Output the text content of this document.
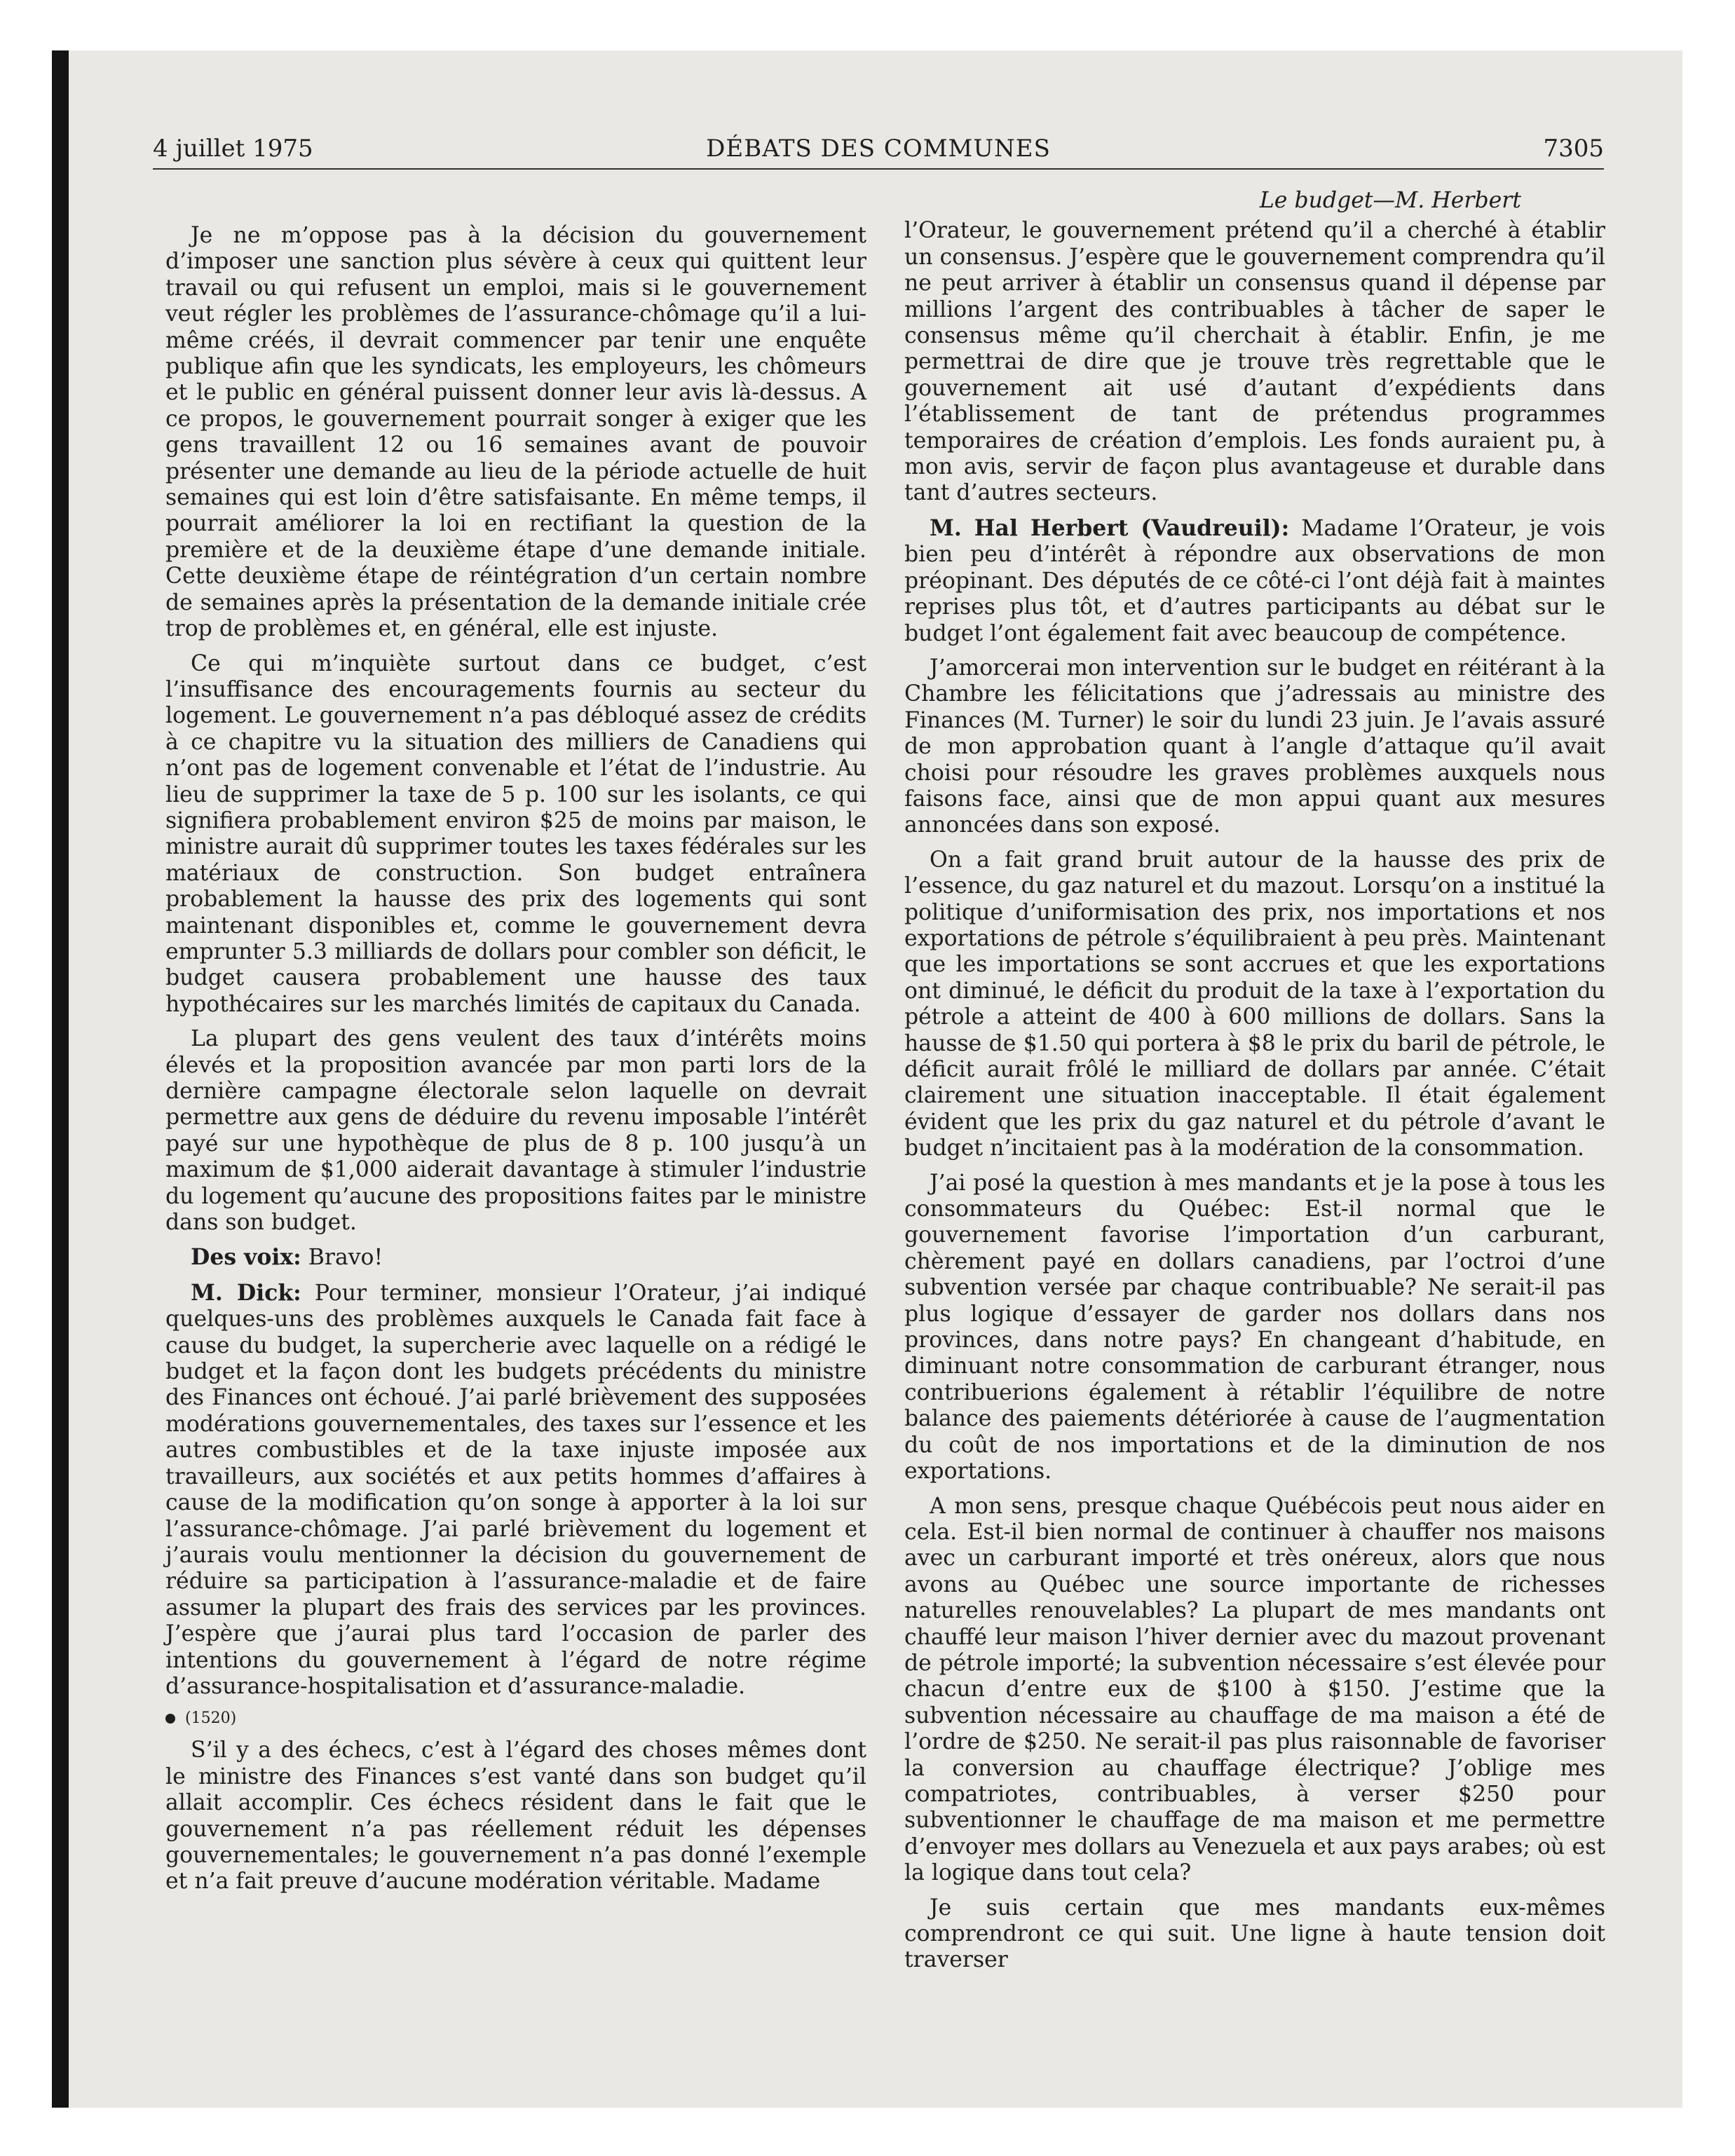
4 juillet 1975	DÉBATS DES COMMUNES	7305

Je ne m’oppose pas à la décision du gouvernement d’imposer une sanction plus sévère à ceux qui quittent leur travail ou qui refusent un emploi, mais si le gouvernement veut régler les problèmes de l’assurance-chômage qu’il a lui-même créés, il devrait commencer par tenir une enquête publique afin que les syndicats, les employeurs, les chômeurs et le public en général puissent donner leur avis là-dessus. A ce propos, le gouvernement pourrait songer à exiger que les gens travaillent 12 ou 16 semaines avant de pouvoir présenter une demande au lieu de la période actuelle de huit semaines qui est loin d’être satisfaisante. En même temps, il pourrait améliorer la loi en rectifiant la question de la première et de la deuxième étape d’une demande initiale. Cette deuxième étape de réintégration d’un certain nombre de semaines après la présentation de la demande initiale crée trop de problèmes et, en général, elle est injuste.

Ce qui m’inquiète surtout dans ce budget, c’est l’insuffisance des encouragements fournis au secteur du logement. Le gouvernement n’a pas débloqué assez de crédits à ce chapitre vu la situation des milliers de Canadiens qui n’ont pas de logement convenable et l’état de l’industrie. Au lieu de supprimer la taxe de 5 p. 100 sur les isolants, ce qui signifiera probablement environ $25 de moins par maison, le ministre aurait dû supprimer toutes les taxes fédérales sur les matériaux de construction. Son budget entraînera probablement la hausse des prix des logements qui sont maintenant disponibles et, comme le gouvernement devra emprunter 5.3 milliards de dollars pour combler son déficit, le budget causera probablement une hausse des taux hypothécaires sur les marchés limités de capitaux du Canada.

La plupart des gens veulent des taux d’intérêts moins élevés et la proposition avancée par mon parti lors de la dernière campagne électorale selon laquelle on devrait permettre aux gens de déduire du revenu imposable l’intérêt payé sur une hypothèque de plus de 8 p. 100 jusqu’à un maximum de $1,000 aiderait davantage à stimuler l’industrie du logement qu’aucune des propositions faites par le ministre dans son budget.

Des voix: Bravo!

M. Dick: Pour terminer, monsieur l’Orateur, j’ai indiqué quelques-uns des problèmes auxquels le Canada fait face à cause du budget, la supercherie avec laquelle on a rédigé le budget et la façon dont les budgets précédents du ministre des Finances ont échoué. J’ai parlé brièvement des supposées modérations gouvernementales, des taxes sur l’essence et les autres combustibles et de la taxe injuste imposée aux travailleurs, aux sociétés et aux petits hommes d’affaires à cause de la modification qu’on songe à apporter à la loi sur l’assurance-chômage. J’ai parlé brièvement du logement et j’aurais voulu mentionner la décision du gouvernement de réduire sa participation à l’assurance-maladie et de faire assumer la plupart des frais des services par les provinces. J’espère que j’aurai plus tard l’occasion de parler des intentions du gouvernement à l’égard de notre régime d’assurance-hospitalisation et d’assurance-maladie.

(1520)

S’il y a des échecs, c’est à l’égard des choses mêmes dont le ministre des Finances s’est vanté dans son budget qu’il allait accomplir. Ces échecs résident dans le fait que le gouvernement n’a pas réellement réduit les dépenses gouvernementales; le gouvernement n’a pas donné l’exemple et n’a fait preuve d’aucune modération véritable. Madame

Le budget—M. Herbert

l’Orateur, le gouvernement prétend qu’il a cherché à établir un consensus. J’espère que le gouvernement comprendra qu’il ne peut arriver à établir un consensus quand il dépense par millions l’argent des contribuables à tâcher de saper le consensus même qu’il cherchait à établir. Enfin, je me permettrai de dire que je trouve très regrettable que le gouvernement ait usé d’autant d’expédients dans l’établissement de tant de prétendus programmes temporaires de création d’emplois. Les fonds auraient pu, à mon avis, servir de façon plus avantageuse et durable dans tant d’autres secteurs.

M. Hal Herbert (Vaudreuil): Madame l’Orateur, je vois bien peu d’intérêt à répondre aux observations de mon préopinant. Des députés de ce côté-ci l’ont déjà fait à maintes reprises plus tôt, et d’autres participants au débat sur le budget l’ont également fait avec beaucoup de compétence.

J’amorcerai mon intervention sur le budget en réitérant à la Chambre les félicitations que j’adressais au ministre des Finances (M. Turner) le soir du lundi 23 juin. Je l’avais assuré de mon approbation quant à l’angle d’attaque qu’il avait choisi pour résoudre les graves problèmes auxquels nous faisons face, ainsi que de mon appui quant aux mesures annoncées dans son exposé.

On a fait grand bruit autour de la hausse des prix de l’essence, du gaz naturel et du mazout. Lorsqu’on a institué la politique d’uniformisation des prix, nos importations et nos exportations de pétrole s’équilibraient à peu près. Maintenant que les importations se sont accrues et que les exportations ont diminué, le déficit du produit de la taxe à l’exportation du pétrole a atteint de 400 à 600 millions de dollars. Sans la hausse de $1.50 qui portera à $8 le prix du baril de pétrole, le déficit aurait frôlé le milliard de dollars par année. C’était clairement une situation inacceptable. Il était également évident que les prix du gaz naturel et du pétrole d’avant le budget n’incitaient pas à la modération de la consommation.

J’ai posé la question à mes mandants et je la pose à tous les consommateurs du Québec: Est-il normal que le gouvernement favorise l’importation d’un carburant, chèrement payé en dollars canadiens, par l’octroi d’une subvention versée par chaque contribuable? Ne serait-il pas plus logique d’essayer de garder nos dollars dans nos provinces, dans notre pays? En changeant d’habitude, en diminuant notre consommation de carburant étranger, nous contribuerions également à rétablir l’équilibre de notre balance des paiements détériorée à cause de l’augmentation du coût de nos importations et de la diminution de nos exportations.

A mon sens, presque chaque Québécois peut nous aider en cela. Est-il bien normal de continuer à chauffer nos maisons avec un carburant importé et très onéreux, alors que nous avons au Québec une source importante de richesses naturelles renouvelables? La plupart de mes mandants ont chauffé leur maison l’hiver dernier avec du mazout provenant de pétrole importé; la subvention nécessaire s’est élevée pour chacun d’entre eux de $100 à $150. J’estime que la subvention nécessaire au chauffage de ma maison a été de l’ordre de $250. Ne serait-il pas plus raisonnable de favoriser la conversion au chauffage électrique? J’oblige mes compatriotes, contribuables, à verser $250 pour subventionner le chauffage de ma maison et me permettre d’envoyer mes dollars au Venezuela et aux pays arabes; où est la logique dans tout cela?

Je suis certain que mes mandants eux-mêmes comprendront ce qui suit. Une ligne à haute tension doit traverser
